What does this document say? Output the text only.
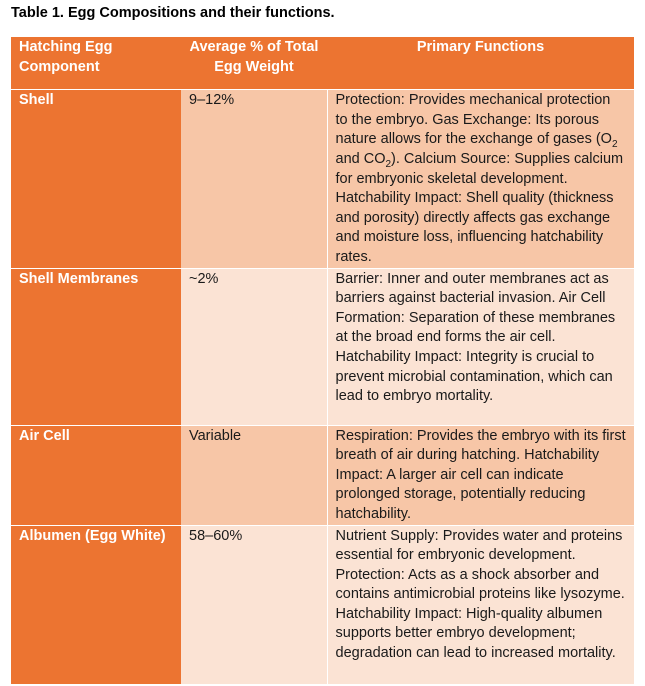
Table 1. Egg Compositions and their functions.
Hatching Egg Component	Average % of Total Egg Weight	Primary Functions
Shell	9–12%	Protection: Provides mechanical protection to the embryo. Gas Exchange: Its porous nature allows for the exchange of gases ($O_2$ and $CO_2$). Calcium Source: Supplies calcium for embryonic skeletal development. Hatchability Impact: Shell quality (thickness and porosity) directly affects gas exchange and moisture loss, influencing hatchability rates.
Shell Membranes	~2%	Barrier: Inner and outer membranes act as barriers against bacterial invasion. Air Cell Formation: Separation of these membranes at the broad end forms the air cell. Hatchability Impact: Integrity is crucial to prevent microbial contamination, which can lead to embryo mortality.
Air Cell	Variable	Respiration: Provides the embryo with its first breath of air during hatching. Hatchability Impact: A larger air cell can indicate prolonged storage, potentially reducing hatchability.
Albumen (Egg White)	58–60%	Nutrient Supply: Provides water and proteins essential for embryonic development. Protection: Acts as a shock absorber and contains antimicrobial proteins like lysozyme. Hatchability Impact: High-quality albumen supports better embryo development; degradation can lead to increased mortality.
